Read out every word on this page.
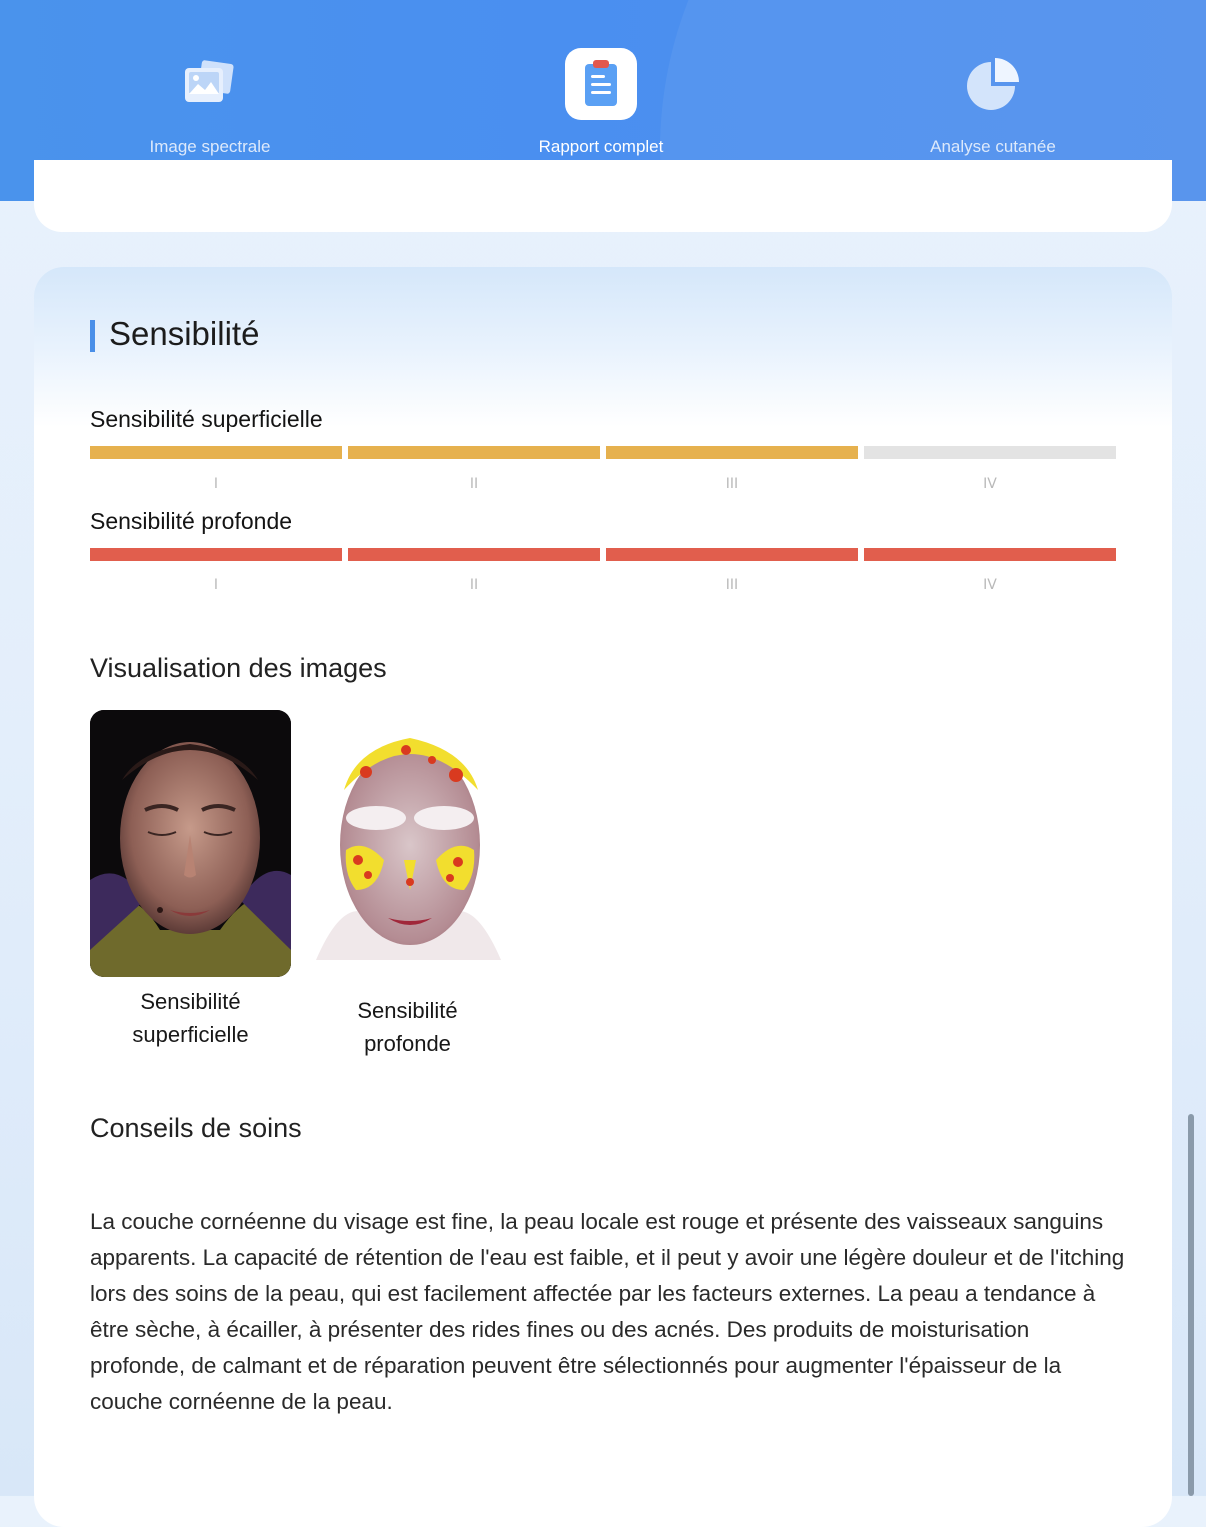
Image spectrale	Rapport complet	Analyse cutanée
Sensibilité
Sensibilité superficielle
I	II	III	IV
Sensibilité profonde
I	II	III	IV
Visualisation des images
Sensibilité
superficielle
Sensibilité
profonde
Conseils de soins
La couche cornéenne du visage est fine, la peau locale est rouge et présente des vaisseaux sanguins apparents. La capacité de rétention de l'eau est faible, et il peut y avoir une légère douleur et de l'itching lors des soins de la peau, qui est facilement affectée par les facteurs externes. La peau a tendance à être sèche, à écailler, à présenter des rides fines ou des acnés. Des produits de moisturisation profonde, de calmant et de réparation peuvent être sélectionnés pour augmenter l'épaisseur de la couche cornéenne de la peau.
